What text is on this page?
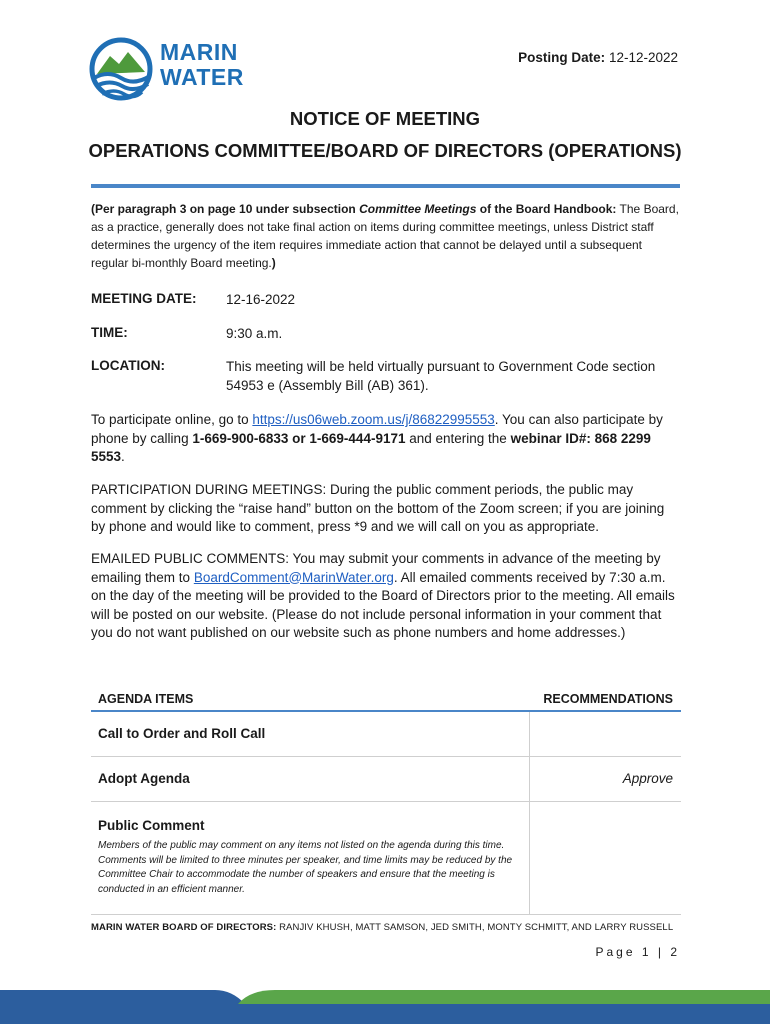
MARIN
WATER
Posting Date: 12-12-2022
NOTICE OF MEETING
OPERATIONS COMMITTEE/BOARD OF DIRECTORS (OPERATIONS)
(Per paragraph 3 on page 10 under subsection Committee Meetings of the Board Handbook: The Board, as a practice, generally does not take final action on items during committee meetings, unless District staff determines the urgency of the item requires immediate action that cannot be delayed until a subsequent regular bi-monthly Board meeting.)
MEETING DATE: 12-16-2022
TIME:	9:30 a.m.
LOCATION:	This meeting will be held virtually pursuant to Government Code section 54953 e (Assembly Bill (AB) 361).
To participate online, go to https://us06web.zoom.us/j/86822995553. You can also participate by phone by calling 1-669-900-6833 or 1-669-444-9171 and entering the webinar ID#: 868 2299 5553.
PARTICIPATION DURING MEETINGS: During the public comment periods, the public may comment by clicking the “raise hand” button on the bottom of the Zoom screen; if you are joining by phone and would like to comment, press *9 and we will call on you as appropriate.
EMAILED PUBLIC COMMENTS: You may submit your comments in advance of the meeting by emailing them to BoardComment@MarinWater.org. All emailed comments received by 7:30 a.m. on the day of the meeting will be provided to the Board of Directors prior to the meeting. All emails will be posted on our website. (Please do not include personal information in your comment that you do not want published on our website such as phone numbers and home addresses.)
AGENDA ITEMS	RECOMMENDATIONS
Call to Order and Roll Call
Adopt Agenda	Approve
Public Comment
Members of the public may comment on any items not listed on the agenda during this time. Comments will be limited to three minutes per speaker, and time limits may be reduced by the Committee Chair to accommodate the number of speakers and ensure that the meeting is conducted in an efficient manner.
MARIN WATER BOARD OF DIRECTORS: RANJIV KHUSH, MATT SAMSON, JED SMITH, MONTY SCHMITT, AND LARRY RUSSELL
Page 1 | 2
